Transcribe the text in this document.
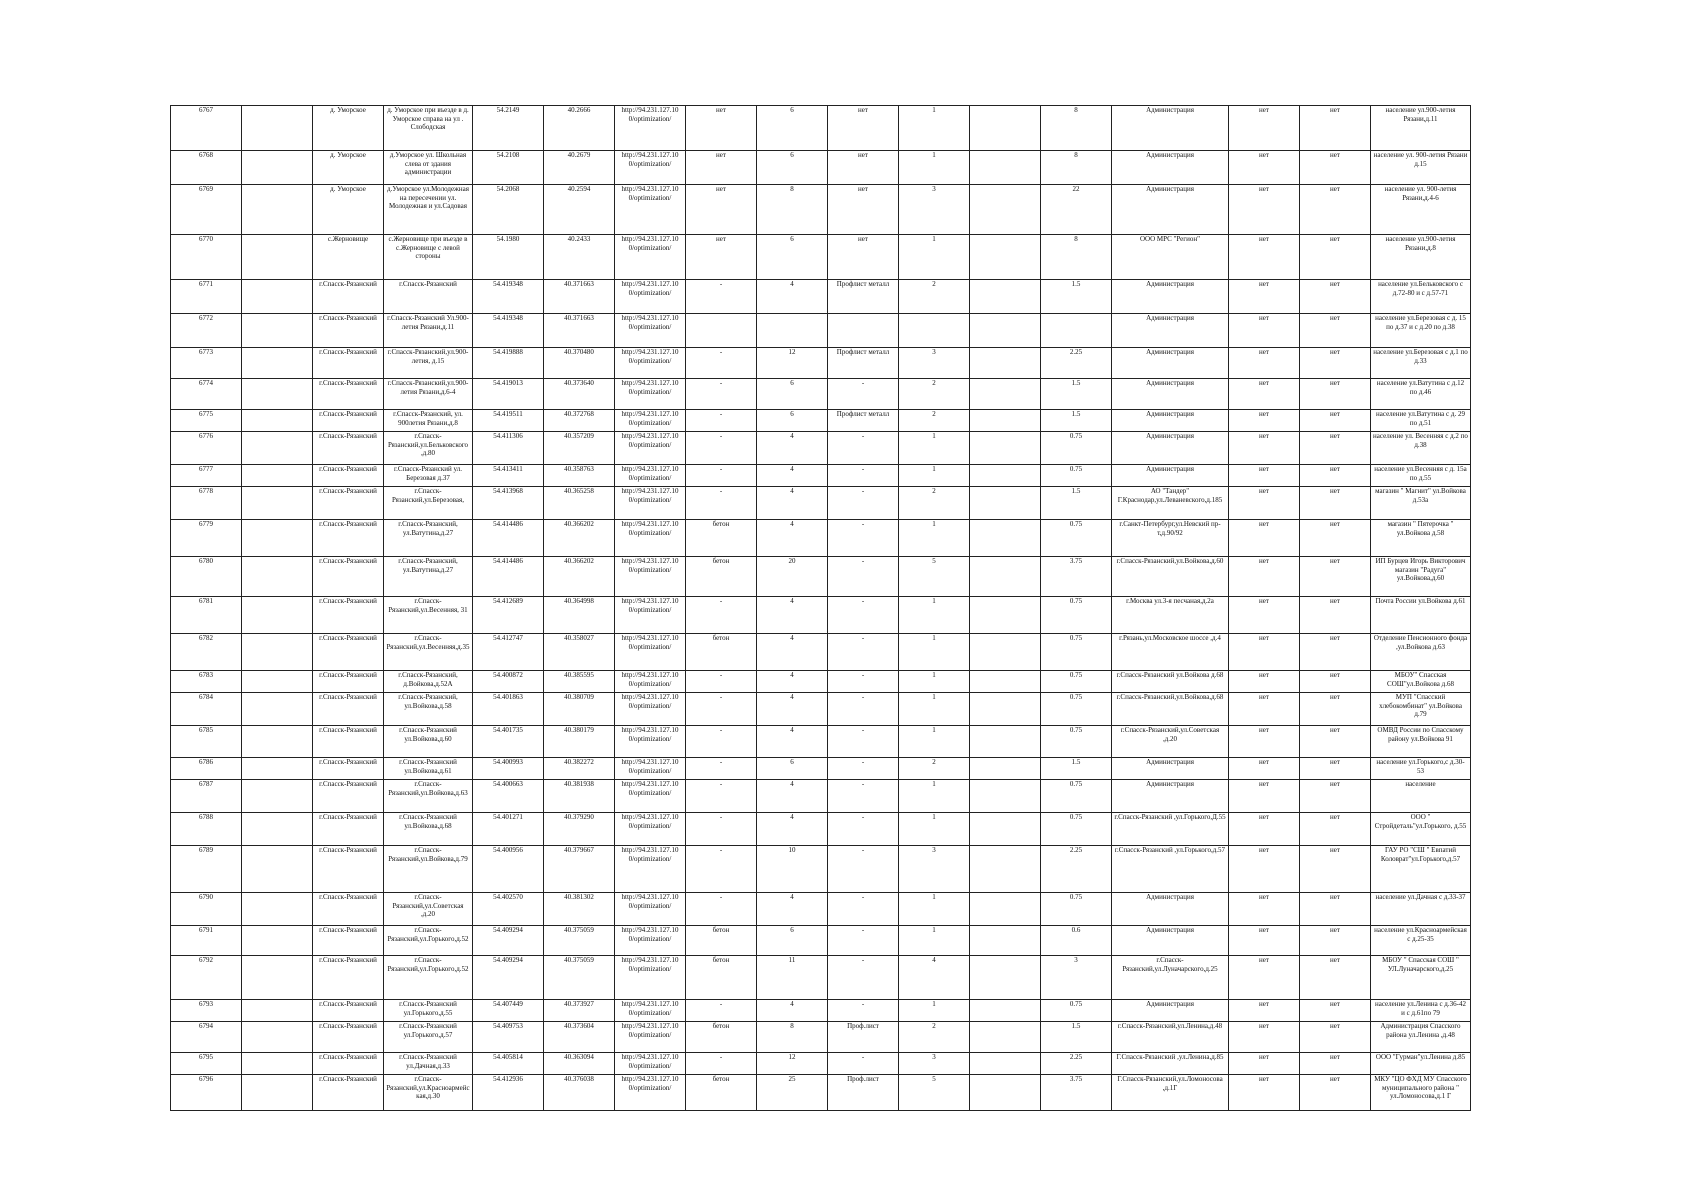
6767		д. Уморское	д. Уморское при въезде в д. Уморское справа на ул . Слободская	54.2149	40.2666	http://94.231.127.10 0/optimization/	нет	6	нет	1		8	Администрация	нет	нет	население ул.900-летия Рязани,д.11
6768		д. Уморское	д.Уморское ул. Школьная слева от здания администрации	54.2108	40.2679	http://94.231.127.10 0/optimization/	нет	6	нет	1		8	Администрация	нет	нет	население ул. 900-летия Рязани д.15
6769		д. Уморское	д.Уморское ул.Молодежная на пересечении ул. Молодежная и ул.Садовая	54.2068	40.2594	http://94.231.127.10 0/optimization/	нет	8	нет	3		22	Администрация	нет	нет	население ул. 900-летия Рязани,д.4-6
6770		с.Жерновище	с.Жерновище при въезде в с.Жерновище с левой стороны	54.1980	40.2433	http://94.231.127.10 0/optimization/	нет	6	нет	1		8	ООО МРС "Регион"	нет	нет	население ул.900-летия Рязани,д.8
6771		г.Спасск-Рязанский	г.Спасск-Рязанский	54.419348	40.371663	http://94.231.127.10 0/optimization/	-	4	Профлист металл	2		1.5	Администрация	нет	нет	население ул.Бельковского с д.72-80 и с д.57-71
6772		г.Спасск-Рязанский	г.Спасск-Рязанский Ул.900-летия Рязани,д.11	54.419348	40.371663	http://94.231.127.10 0/optimization/							Администрация	нет	нет	население ул.Березовая с д. 15 по д.37 и с д.20 по д.38
6773		г.Спасск-Рязанский	г.Спасск-Рязанский,ул.900-летия, д.15	54.419888	40.370480	http://94.231.127.10 0/optimization/	-	12	Профлист металл	3		2.25	Администрация	нет	нет	население ул.Березовая с д.1 по д.33
6774		г.Спасск-Рязанский	г.Спасск-Рязанский,ул.900-летия Рязани,д.6-4	54.419013	40.373640	http://94.231.127.10 0/optimization/	-	6	-	2		1.5	Администрация	нет	нет	население ул.Ватутина с д.12 по д.46
6775		г.Спасск-Рязанский	г.Спасск-Рязанский, ул. 900летия Рязани,д.8	54.419511	40.372768	http://94.231.127.10 0/optimization/	-	6	Профлист металл	2		1.5	Администрация	нет	нет	население ул.Ватутина с д. 29 по д.51
6776		г.Спасск-Рязанский	г.Спасск-Рязанский,ул.Бельковского ,д.80	54.411306	40.357209	http://94.231.127.10 0/optimization/	-	4	-	1		0.75	Администрация	нет	нет	население ул. Весенняя с д.2 по д.38
6777		г.Спасск-Рязанский	г.Спасск-Рязанский ул. Березовая д.37	54.413411	40.358763	http://94.231.127.10 0/optimization/	-	4	-	1		0.75	Администрация	нет	нет	население ул.Весенняя с д. 15а по д.55
6778		г.Спасск-Рязанский	г.Спасск-Рязанский,ул.Березовая,	54.413968	40.365258	http://94.231.127.10 0/optimization/	-	4	-	2		1.5	АО "Тандер" Г.Краснодар,ул.Леваневского,д.185	нет	нет	магазин " Магнит" ул.Войкова д.53а
6779		г.Спасск-Рязанский	г.Спасск-Рязанский, ул.Ватутина,д.27	54.414486	40.366202	http://94.231.127.10 0/optimization/	бетон	4	-	1		0.75	г.Санкт-Петербург,ул.Невский пр-т,д.90/92	нет	нет	магазин " Пятерочка " ул.Войкова д.58
6780		г.Спасск-Рязанский	г.Спасск-Рязанский, ул.Ватутина,д.27	54.414486	40.366202	http://94.231.127.10 0/optimization/	бетон	20	-	5		3.75	г.Спасск-Рязанский,ул.Войкова,д.60	нет	нет	ИП Бурцев Игорь Викторович магазин "Радуга" ул.Войкова,д.60
6781		г.Спасск-Рязанский	г.Спасск-Рязанский,ул.Весенняя, 31	54.412689	40.364998	http://94.231.127.10 0/optimization/	-	4	-	1		0.75	г.Москва ул.3-я песчаная,д.2а	нет	нет	Почта России ул.Войкова д.61
6782		г.Спасск-Рязанский	г.Спасск-Рязанский,ул.Весенняя,д.35	54.412747	40.358027	http://94.231.127.10 0/optimization/	бетон	4	-	1		0.75	г.Рязань,ул.Московское шоссе ,д.4	нет	нет	Отделение Пенсионного фонда ,ул.Войкова д.63
6783		г.Спасск-Рязанский	г.Спасск-Рязанский, д.Войкова,д.52А	54.400872	40.385595	http://94.231.127.10 0/optimization/	-	4	-	1		0.75	г.Спасск-Рязанский ул.Войкова д.68	нет	нет	МБОУ" Спасская СОШ"ул.Войкова д.68
6784		г.Спасск-Рязанский	г.Спасск-Рязанский, ул.Войкова,д.58	54.401863	40.380709	http://94.231.127.10 0/optimization/	-	4	-	1		0.75	г.Спасск-Рязанский,ул.Войкова,д.68	нет	нет	МУП "Спасский хлебокомбинат" ул.Войкова д.79
6785		г.Спасск-Рязанский	г.Спасск-Рязанский ул.Войкова,д.60	54.401735	40.380179	http://94.231.127.10 0/optimization/	-	4	-	1		0.75	г.Спасск-Рязанский,ул.Советская ,д.20	нет	нет	ОМВД России по Спасскому району ул.Войкова 91
6786		г.Спасск-Рязанский	г.Спасск-Рязанский ул.Войкова,д.61	54.400993	40.382272	http://94.231.127.10 0/optimization/	-	6	-	2		1.5	Администрация	нет	нет	население ул.Горького,с д.30-53
6787		г.Спасск-Рязанский	г.Спасск-Рязанский,ул.Войкова,д.63	54.400663	40.381938	http://94.231.127.10 0/optimization/	-	4	-	1		0.75	Администрация	нет	нет	население
6788		г.Спасск-Рязанский	г.Спасск-Рязанский ул.Войкова,д.68	54.401271	40.379290	http://94.231.127.10 0/optimization/	-	4	-	1		0.75	г.Спасск-Рязанский ,ул.Горького,Д.55	нет	нет	ООО " Стройдеталь"ул.Горького, д.55
6789		г.Спасск-Рязанский	г.Спасск-Рязанский,ул.Войкова,д.79	54.400956	40.379667	http://94.231.127.10 0/optimization/	-	10	-	3		2.25	г.Спасск-Рязанский ,ул.Горького,д.57	нет	нет	ГАУ РО "СШ " Евпатий Коловрат"ул.Горького,д.57
6790		г.Спасск-Рязанский	г.Спасск-Рязанский,ул.Советская ,д.20	54.402570	40.381302	http://94.231.127.10 0/optimization/	-	4	-	1		0.75	Администрация	нет	нет	население ул.Дачная с д.33-37
6791		г.Спасск-Рязанский	г.Спасск-Рязанский,ул.Горького,д.52	54.409294	40.375059	http://94.231.127.10 0/optimization/	бетон	6	-	1		0.6	Администрация	нет	нет	население ул.Красноармейская с д.25-35
6792		г.Спасск-Рязанский	г.Спасск-Рязанский,ул.Горького,д.52	54.409294	40.375059	http://94.231.127.10 0/optimization/	бетон	11	-	4		3	г.Спасск-Рязанский,ул.Луначарского,д.25	нет	нет	МБОУ " Спасская СОШ " УЛ.Луначарского,д.25
6793		г.Спасск-Рязанский	г.Спасск-Рязанский ул.Горького,д.55	54.407449	40.373927	http://94.231.127.10 0/optimization/	-	4	-	1		0.75	Администрация	нет	нет	население ул.Ленина с д.36-42 и с д.61по 79
6794		г.Спасск-Рязанский	г.Спасск-Рязанский ул.Горького,д.57	54.409753	40.373604	http://94.231.127.10 0/optimization/	бетон	8	Проф.лист	2		1.5	г.Спасск-Рязанский,ул.Ленина,д.48	нет	нет	Администрация Спасского района ул.Ленина ,д.48
6795		г.Спасск-Рязанский	г.Спасск-Рязанский ул.Дачная,д.33	54.405814	40.363094	http://94.231.127.10 0/optimization/	-	12	-	3		2.25	Г.Спасск-Рязанский ,ул.Ленина,д.85	нет	нет	ООО "Гурман"ул.Ленина д.85
6796		г.Спасск-Рязанский	г.Спасск-Рязанский,ул.Красноармейская,д.30	54.412936	40.376038	http://94.231.127.10 0/optimization/	бетон	25	Проф.лист	5		3.75	Г.Спасск-Рязанский,ул.Ломоносова ,д.1Г	нет	нет	МКУ "ЦО ФХД МУ Спасского муниципального района " ул.Ломоносова,д.1 Г
